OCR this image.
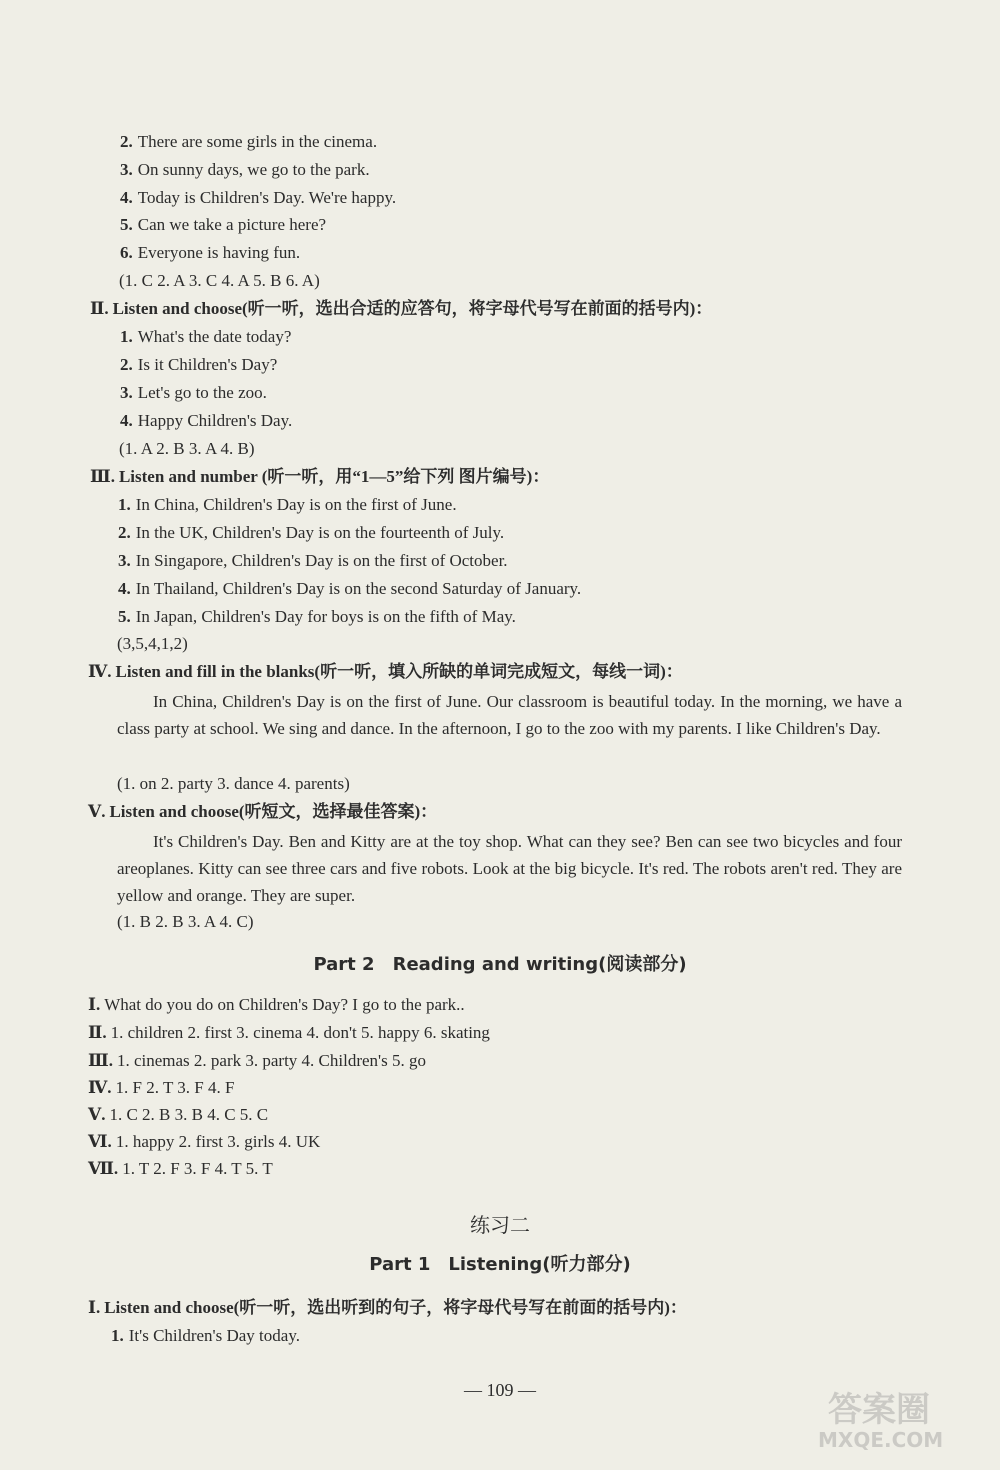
2. There are some girls in the cinema.
3. On sunny days, we go to the park.
4. Today is Children's Day. We're happy.
5. Can we take a picture here?
6. Everyone is having fun.
(1. C 2. A 3. C 4. A 5. B 6. A)
Ⅱ. Listen and choose(听一听，选出合适的应答句，将字母代号写在前面的括号内)：
1. What's the date today?
2. Is it Children's Day?
3. Let's go to the zoo.
4. Happy Children's Day.
(1. A 2. B 3. A 4. B)
Ⅲ. Listen and number (听一听，用“1—5”给下列 图片编号)：
1. In China, Children's Day is on the first of June.
2. In the UK, Children's Day is on the fourteenth of July.
3. In Singapore, Children's Day is on the first of October.
4. In Thailand, Children's Day is on the second Saturday of January.
5. In Japan, Children's Day for boys is on the fifth of May.
(3,5,4,1,2)
Ⅳ. Listen and fill in the blanks(听一听，填入所缺的单词完成短文，每线一词)：
In China, Children's Day is on the first of June. Our classroom is beautiful today. In the morning, we have a class party at school. We sing and dance. In the afternoon, I go to the zoo with my parents. I like Children's Day.
(1. on 2. party 3. dance 4. parents)
Ⅴ. Listen and choose(听短文，选择最佳答案)：
It's Children's Day. Ben and Kitty are at the toy shop. What can they see? Ben can see two bicycles and four areoplanes. Kitty can see three cars and five robots. Look at the big bicycle. It's red. The robots aren't red. They are yellow and orange. They are super.
(1. B 2. B 3. A 4. C)
Part 2 Reading and writing(阅读部分)
Ⅰ. What do you do on Children's Day? I go to the park..
Ⅱ. 1. children 2. first 3. cinema 4. don't 5. happy 6. skating
Ⅲ. 1. cinemas 2. park 3. party 4. Children's 5. go
Ⅳ. 1. F 2. T 3. F 4. F
Ⅴ. 1. C 2. B 3. B 4. C 5. C
Ⅵ. 1. happy 2. first 3. girls 4. UK
Ⅶ. 1. T 2. F 3. F 4. T 5. T
练习二
Part 1 Listening(听力部分)
Ⅰ. Listen and choose(听一听，选出听到的句子，将字母代号写在前面的括号内)：
1. It's Children's Day today.
— 109 —	答案圈
MXQE.COM
